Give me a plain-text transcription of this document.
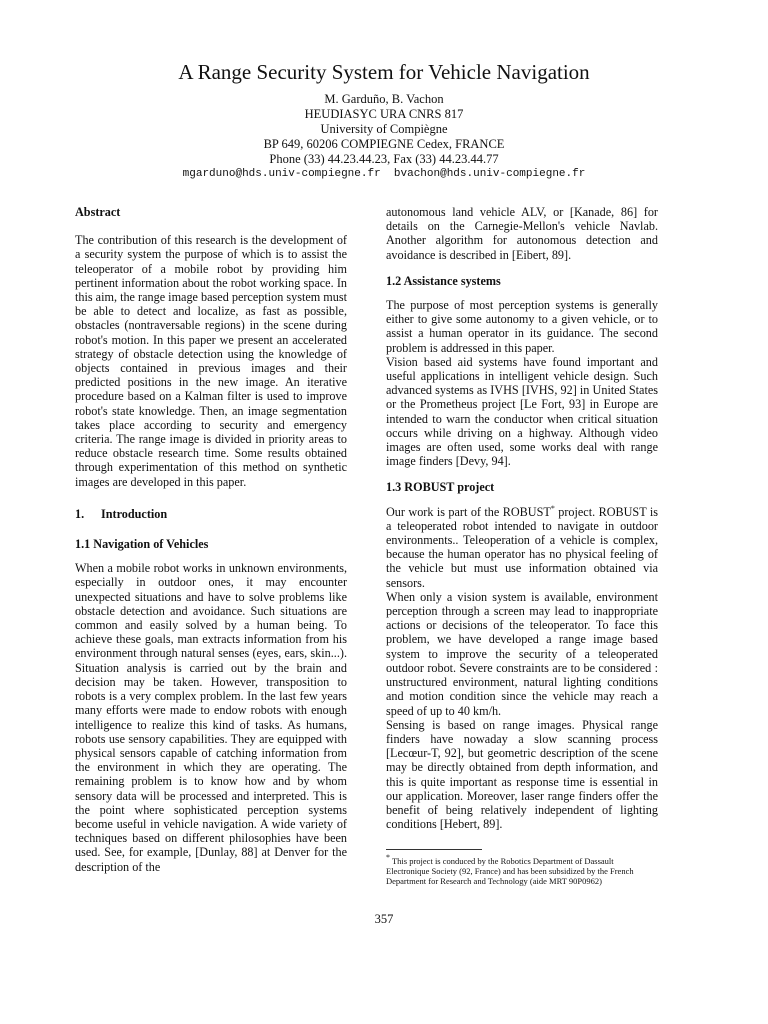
A Range Security System for Vehicle Navigation
M. Garduño, B. Vachon
HEUDIASYC URA CNRS 817
University of Compiègne
BP 649, 60206 COMPIEGNE Cedex, FRANCE
Phone (33) 44.23.44.23, Fax (33) 44.23.44.77
mgarduno@hds.univ-compiegne.fr  bvachon@hds.univ-compiegne.fr

Abstract

The contribution of this research is the development of a security system the purpose of which is to assist the teleoperator of a mobile robot by providing him pertinent information about the robot working space. In this aim, the range image based perception system must be able to detect and localize, as fast as possible, obstacles (nontraversable regions) in the scene during robot's motion. In this paper we present an accelerated strategy of obstacle detection using the knowledge of objects contained in previous images and their predicted positions in the new image. An iterative procedure based on a Kalman filter is used to improve robot's state knowledge. Then, an image segmentation takes place according to security and emergency criteria. The range image is divided in priority areas to reduce obstacle research time. Some results obtained through experimentation of this method on synthetic images are developed in this paper.

1. Introduction

1.1 Navigation of Vehicles

When a mobile robot works in unknown environments, especially in outdoor ones, it may encounter unexpected situations and have to solve problems like obstacle detection and avoidance. Such situations are common and easily solved by a human being. To achieve these goals, man extracts information from his environment through natural senses (eyes, ears, skin...). Situation analysis is carried out by the brain and decision may be taken. However, transposition to robots is a very complex problem. In the last few years many efforts were made to endow robots with enough intelligence to realize this kind of tasks. As humans, robots use sensory capabilities. They are equipped with physical sensors capable of catching information from the environment in which they are operating. The remaining problem is to know how and by whom sensory data will be processed and interpreted. This is the point where sophisticated perception systems become useful in vehicle navigation. A wide variety of techniques based on different philosophies have been used. See, for example, [Dunlay, 88] at Denver for the description of the

autonomous land vehicle ALV, or [Kanade, 86] for details on the Carnegie-Mellon's vehicle Navlab. Another algorithm for autonomous detection and avoidance is described in [Eibert, 89].

1.2 Assistance systems

The purpose of most perception systems is generally either to give some autonomy to a given vehicle, or to assist a human operator in its guidance. The second problem is addressed in this paper.

Vision based aid systems have found important and useful applications in intelligent vehicle design. Such advanced systems as IVHS [IVHS, 92] in United States or the Prometheus project [Le Fort, 93] in Europe are intended to warn the conductor when critical situation occurs while driving on a highway. Although video images are often used, some works deal with range image finders [Devy, 94].

1.3 ROBUST project

Our work is part of the ROBUST* project. ROBUST is a teleoperated robot intended to navigate in outdoor environments.. Teleoperation of a vehicle is complex, because the human operator has no physical feeling of the vehicle but must use information obtained via sensors.

When only a vision system is available, environment perception through a screen may lead to inappropriate actions or decisions of the teleoperator. To face this problem, we have developed a range image based system to improve the security of a teleoperated outdoor robot. Severe constraints are to be considered : unstructured environment, natural lighting conditions and motion condition since the vehicle may reach a speed of up to 40 km/h.

Sensing is based on range images. Physical range finders have nowaday a slow scanning process [Lecœur-T, 92], but geometric description of the scene may be directly obtained from depth information, and this is quite important as response time is essential in our application. Moreover, laser range finders offer the benefit of being relatively independent of lighting conditions [Hebert, 89].

* This project is conduced by the Robotics Department of Dassault Electronique Society (92, France) and has been subsidized by the French Department for Research and Technology (aide MRT 90P0962)

357
